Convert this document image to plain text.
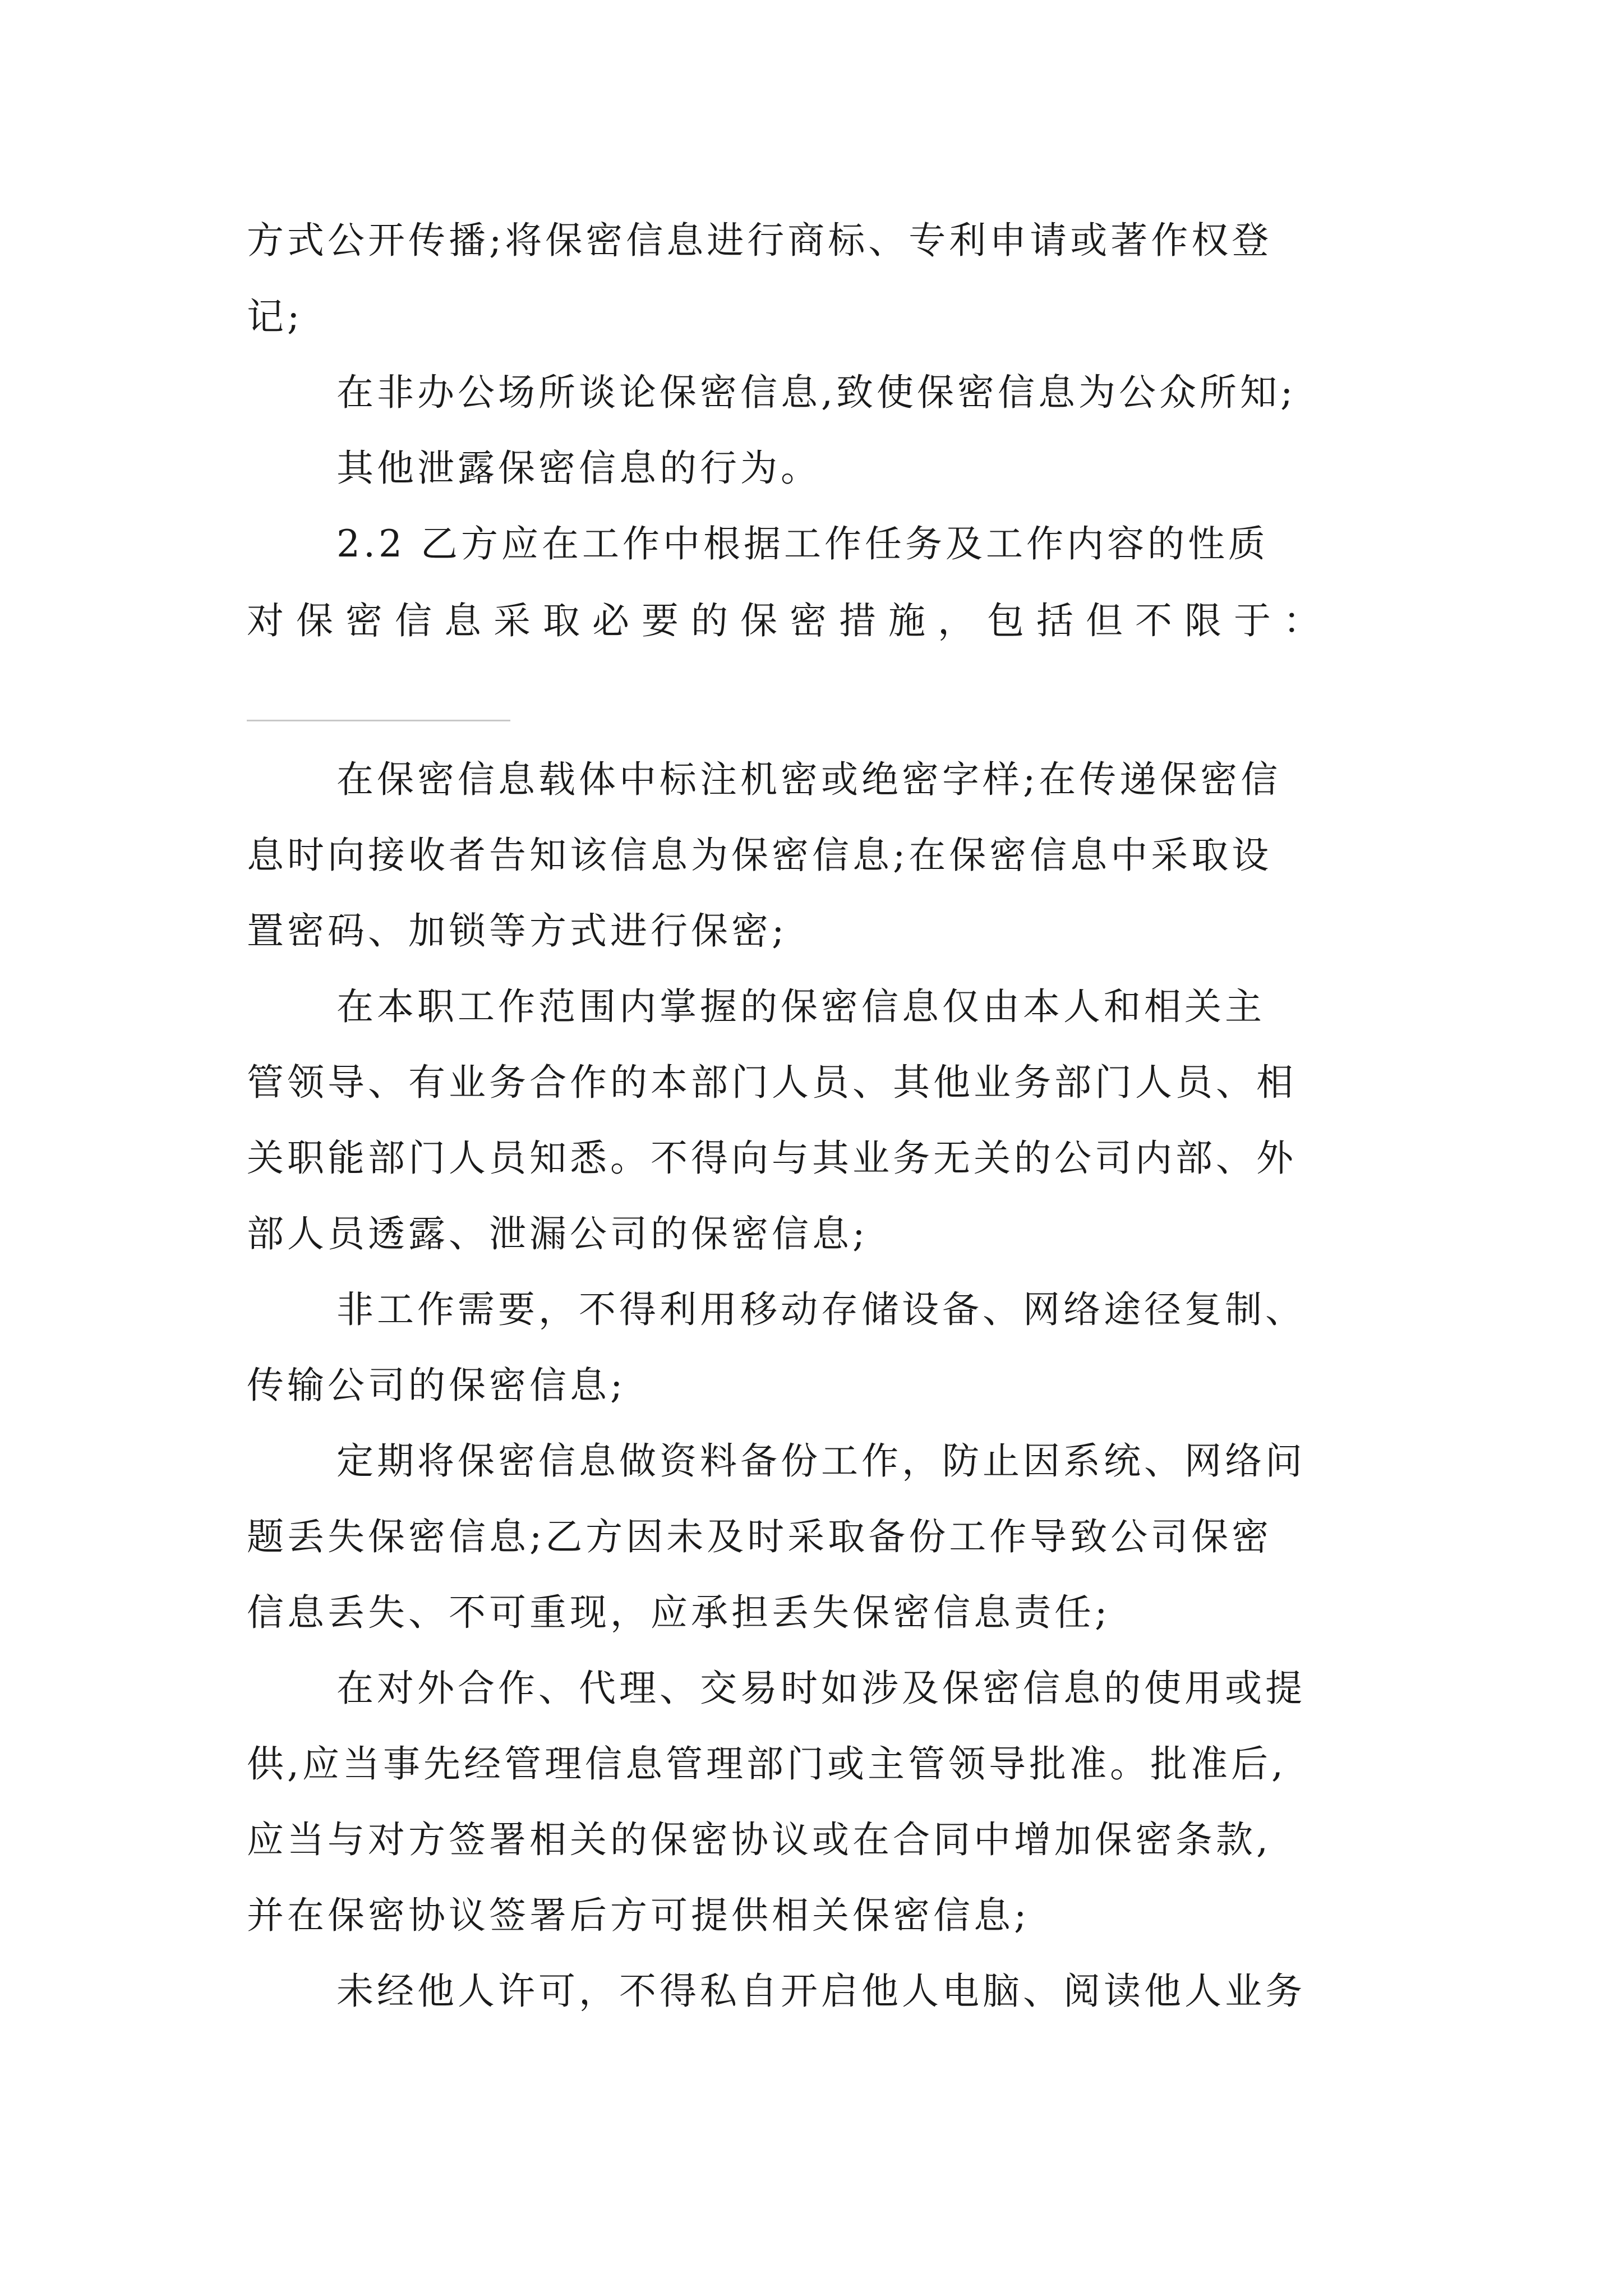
方式公开传播;将保密信息进行商标、专利申请或著作权登
记;
在非办公场所谈论保密信息,致使保密信息为公众所知;
其他泄露保密信息的行为。
2.2 乙方应在工作中根据工作任务及工作内容的性质
对保密信息采取必要的保密措施，包括但不限于：
在保密信息载体中标注机密或绝密字样;在传递保密信
息时向接收者告知该信息为保密信息;在保密信息中采取设
置密码、加锁等方式进行保密;
在本职工作范围内掌握的保密信息仅由本人和相关主
管领导、有业务合作的本部门人员、其他业务部门人员、相
关职能部门人员知悉。不得向与其业务无关的公司内部、外
部人员透露、泄漏公司的保密信息;
非工作需要，不得利用移动存储设备、网络途径复制、
传输公司的保密信息;
定期将保密信息做资料备份工作，防止因系统、网络问
题丢失保密信息;乙方因未及时采取备份工作导致公司保密
信息丢失、不可重现，应承担丢失保密信息责任;
在对外合作、代理、交易时如涉及保密信息的使用或提
供,应当事先经管理信息管理部门或主管领导批准。批准后,
应当与对方签署相关的保密协议或在合同中增加保密条款,
并在保密协议签署后方可提供相关保密信息;
未经他人许可，不得私自开启他人电脑、阅读他人业务
